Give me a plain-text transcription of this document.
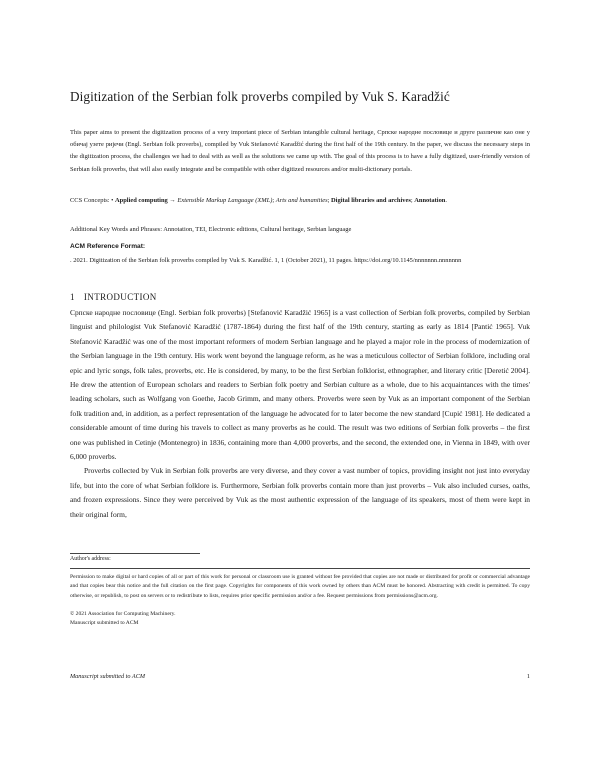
Digitization of the Serbian folk proverbs compiled by Vuk S. Karadžić
This paper aims to present the digitization process of a very important piece of Serbian intangible cultural heritage, Српске народне пословице и друге различне као оне у обичај узете ријечи (Engl. Serbian folk proverbs), compiled by Vuk Stefanović Karadžić during the first half of the 19th century. In the paper, we discuss the necessary steps in the digitization process, the challenges we had to deal with as well as the solutions we came up with. The goal of this process is to have a fully digitized, user-friendly version of Serbian folk proverbs, that will also easily integrate and be compatible with other digitized resources and/or multi-dictionary portals.
CCS Concepts: • Applied computing → Extensible Markup Language (XML); Arts and humanities; Digital libraries and archives; Annotation.
Additional Key Words and Phrases: Annotation, TEI, Electronic editions, Cultural heritage, Serbian language
ACM Reference Format:
. 2021. Digitization of the Serbian folk proverbs compiled by Vuk S. Karadžić. 1, 1 (October 2021), 11 pages. https://doi.org/10.1145/nnnnnnn.nnnnnnn
1 INTRODUCTION

Српске народне пословице (Engl. Serbian folk proverbs) [Stefanović Karadžić 1965] is a vast collection of Serbian folk proverbs, compiled by Serbian linguist and philologist Vuk Stefanović Karadžić (1787-1864) during the first half of the 19th century, starting as early as 1814 [Pantić 1965]. Vuk Stefanović Karadžić was one of the most important reformers of modern Serbian language and he played a major role in the process of modernization of the Serbian language in the 19th century. His work went beyond the language reform, as he was a meticulous collector of Serbian folklore, including oral epic and lyric songs, folk tales, proverbs, etc. He is considered, by many, to be the first Serbian folklorist, ethnographer, and literary critic [Deretić 2004]. He drew the attention of European scholars and readers to Serbian folk poetry and Serbian culture as a whole, due to his acquaintances with the times' leading scholars, such as Wolfgang von Goethe, Jacob Grimm, and many others. Proverbs were seen by Vuk as an important component of the Serbian folk tradition and, in addition, as a perfect representation of the language he advocated for to later become the new standard [Cupić 1981]. He dedicated a considerable amount of time during his travels to collect as many proverbs as he could. The result was two editions of Serbian folk proverbs – the first one was published in Cetinje (Montenegro) in 1836, containing more than 4,000 proverbs, and the second, the extended one, in Vienna in 1849, with over 6,000 proverbs.

Proverbs collected by Vuk in Serbian folk proverbs are very diverse, and they cover a vast number of topics, providing insight not just into everyday life, but into the core of what Serbian folklore is. Furthermore, Serbian folk proverbs contain more than just proverbs – Vuk also included curses, oaths, and frozen expressions. Since they were perceived by Vuk as the most authentic expression of the language of its speakers, most of them were kept in their original form,

Author's address:
Permission to make digital or hard copies of all or part of this work for personal or classroom use is granted without fee provided that copies are not made or distributed for profit or commercial advantage and that copies bear this notice and the full citation on the first page. Copyrights for components of this work owned by others than ACM must be honored. Abstracting with credit is permitted. To copy otherwise, or republish, to post on servers or to redistribute to lists, requires prior specific permission and/or a fee. Request permissions from permissions@acm.org.
© 2021 Association for Computing Machinery.
Manuscript submitted to ACM
Manuscript submitted to ACM	1
